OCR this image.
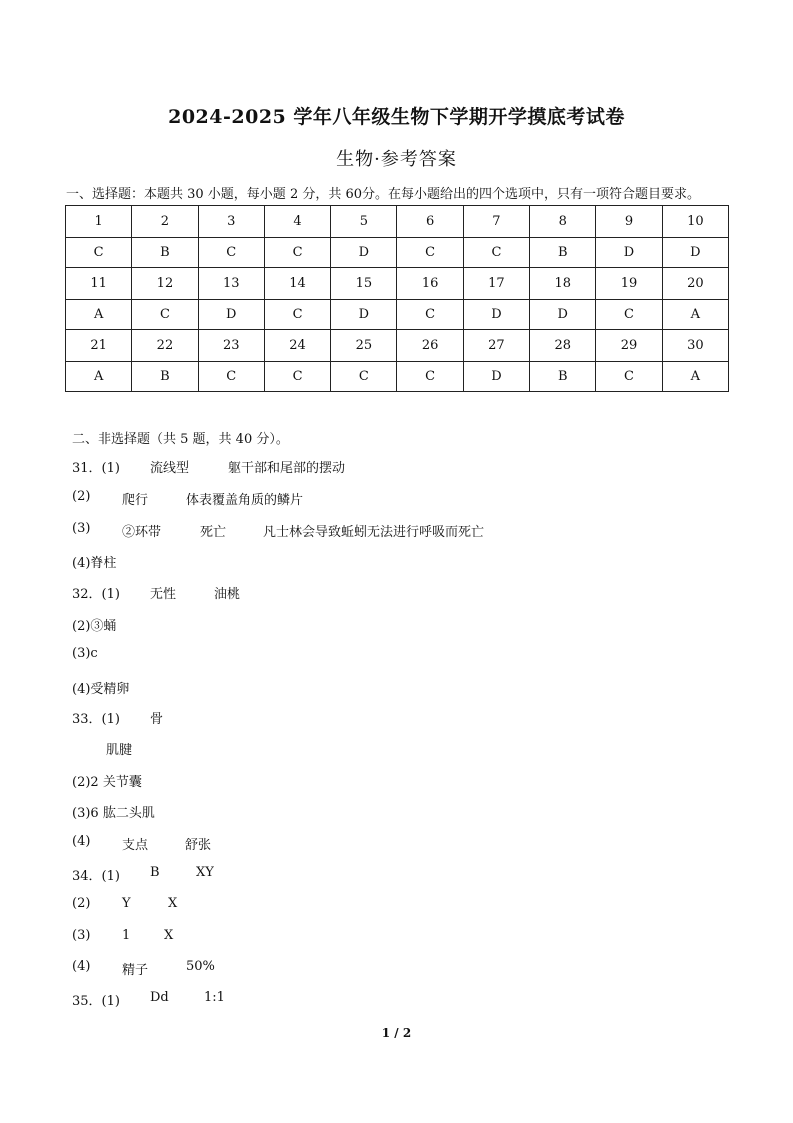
2024-2025 学年八年级生物下学期开学摸底考试卷
生物·参考答案
一、选择题：本题共 30 小题，每小题 2 分，共 60分。在每小题给出的四个选项中，只有一项符合题目要求。
1	2	3	4	5	6	7	8	9	10
C	B	C	C	D	C	C	B	D	D
11	12	13	14	15	16	17	18	19	20
A	C	D	C	D	C	D	D	C	A
21	22	23	24	25	26	27	28	29	30
A	B	C	C	C	C	D	B	C	A
二、非选择题（共 5 题，共 40 分）。
31．(1) 流线型	躯干部和尾部的摆动
(2) 爬行	体表覆盖角质的鳞片
(3) ②环带	死亡	凡士林会导致蚯蚓无法进行呼吸而死亡
(4)脊柱
32．(1) 无性	油桃
(2)③蛹
(3)c
(4)受精卵
33．(1) 骨
肌腱
(2)2 关节囊
(3)6 肱二头肌
(4) 支点	舒张
34．(1) B	XY
(2) Y	X
(3) 1	X
(4) 精子	50%
35．(1) Dd	1:1
1 / 2
